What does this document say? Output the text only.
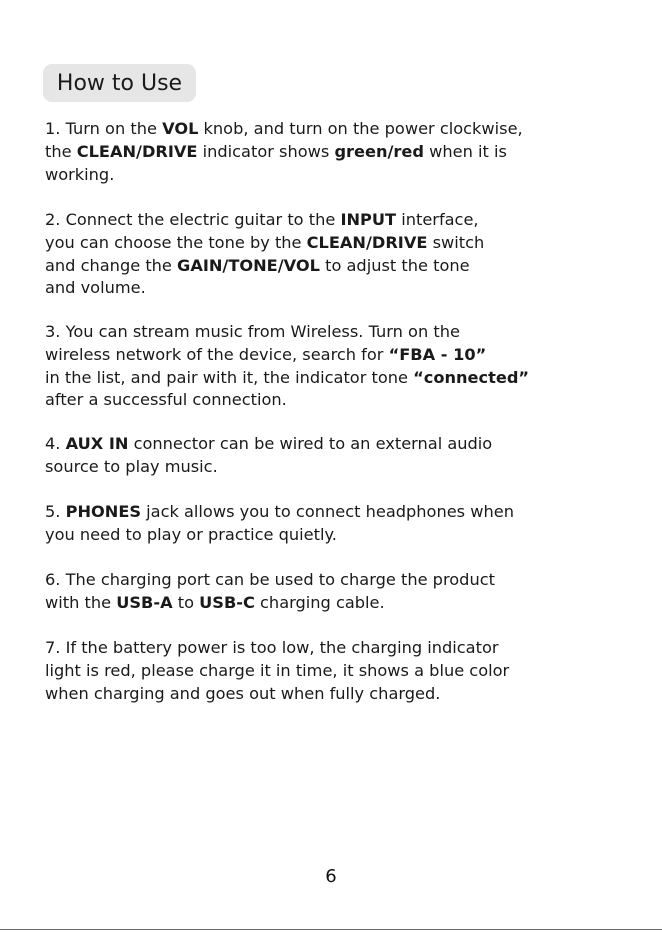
How to Use
1. Turn on the VOL knob, and turn on the power clockwise,
the CLEAN/DRIVE indicator shows green/red when it is
working.
2. Connect the electric guitar to the INPUT interface,
you can choose the tone by the CLEAN/DRIVE switch
and change the GAIN/TONE/VOL to adjust the tone
and volume.
3. You can stream music from Wireless. Turn on the
wireless network of the device, search for “FBA - 10”
in the list, and pair with it, the indicator tone “connected”
after a successful connection.
4. AUX IN connector can be wired to an external audio
source to play music.
5. PHONES jack allows you to connect headphones when
you need to play or practice quietly.
6. The charging port can be used to charge the product
with the USB-A to USB-C charging cable.
7. If the battery power is too low, the charging indicator
light is red, please charge it in time, it shows a blue color
when charging and goes out when fully charged.
6
